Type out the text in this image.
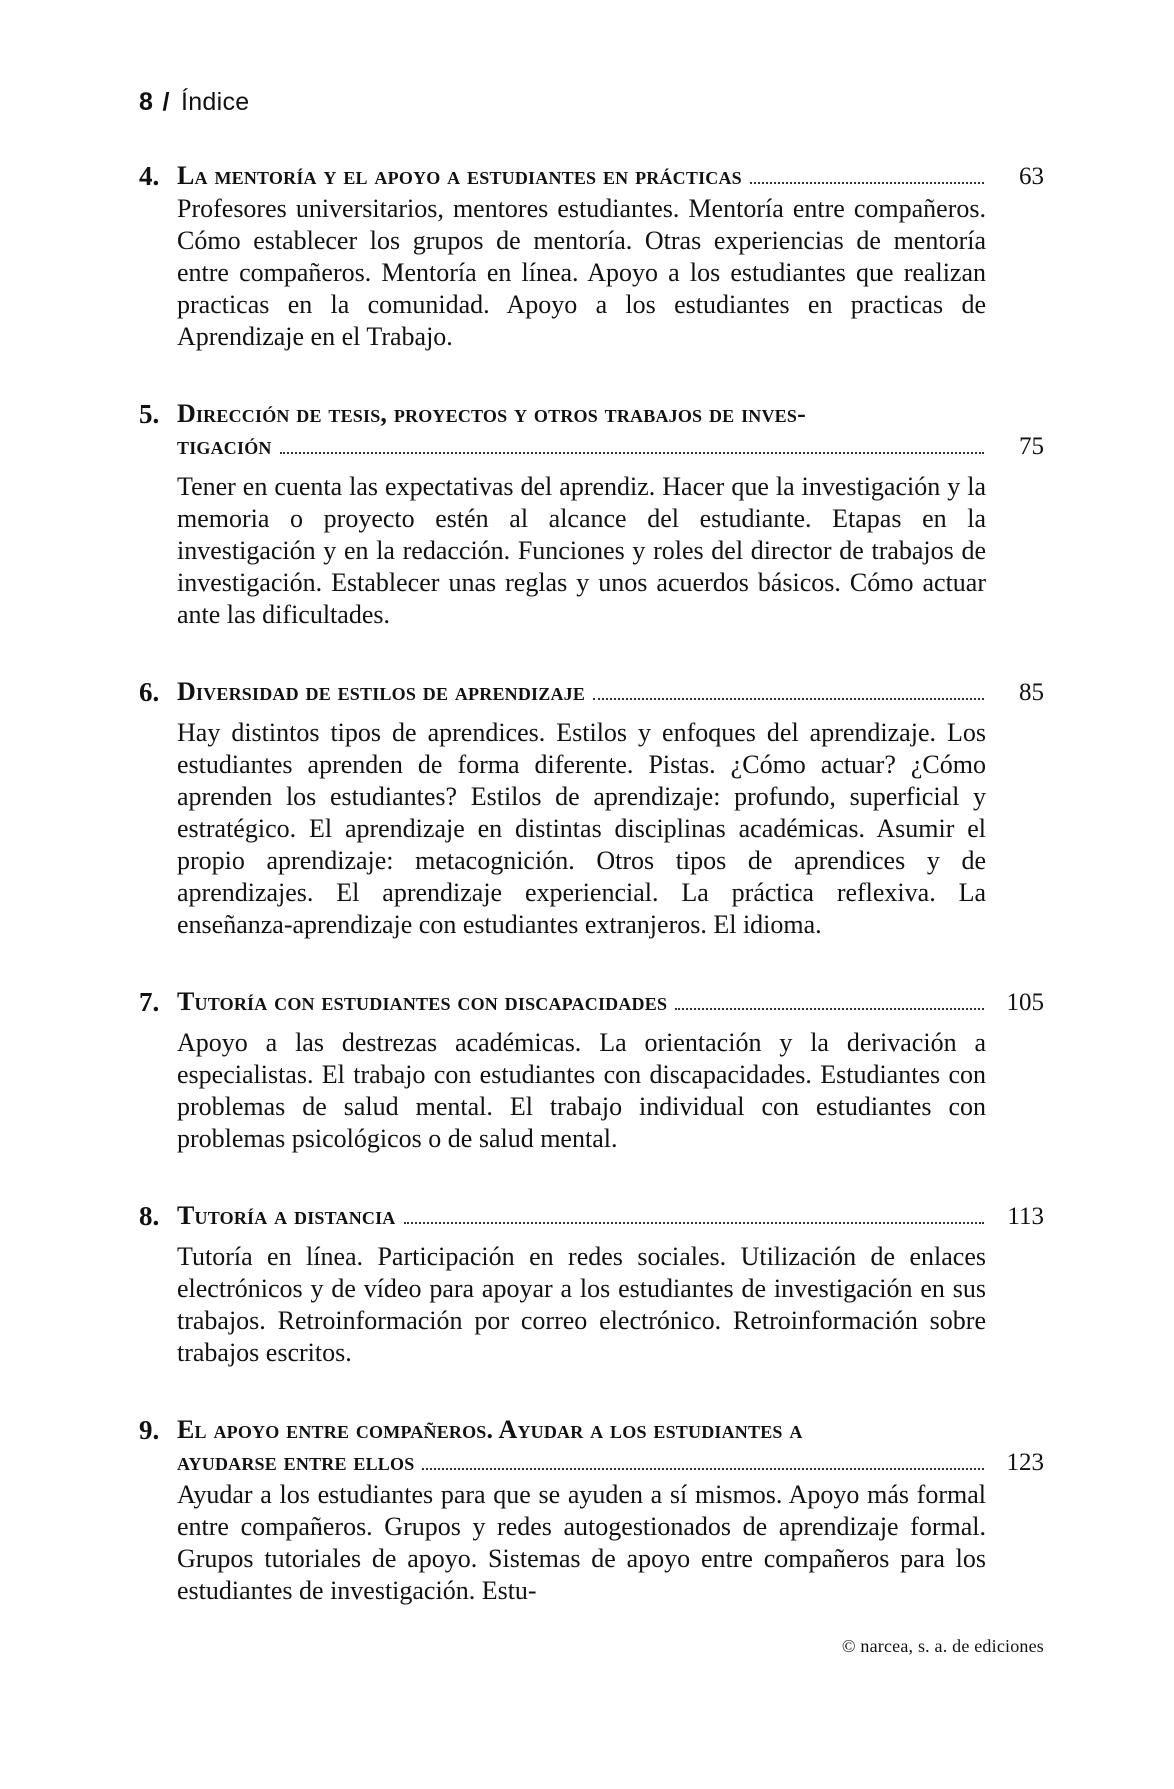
8 / Índice
4. La mentoría y el apoyo a estudiantes en prácticas	63
Profesores universitarios, mentores estudiantes. Mentoría entre compañeros. Cómo establecer los grupos de mentoría. Otras experiencias de mentoría entre compañeros. Mentoría en línea. Apoyo a los estudiantes que realizan practicas en la comunidad. Apoyo a los estudiantes en practicas de Aprendizaje en el Trabajo.
5. Dirección de tesis, proyectos y otros trabajos de inves-
tigación	75
Tener en cuenta las expectativas del aprendiz. Hacer que la investigación y la memoria o proyecto estén al alcance del estudiante. Etapas en la investigación y en la redacción. Funciones y roles del director de trabajos de investigación. Establecer unas reglas y unos acuerdos básicos. Cómo actuar ante las dificultades.
6. Diversidad de estilos de aprendizaje	85
Hay distintos tipos de aprendices. Estilos y enfoques del aprendizaje. Los estudiantes aprenden de forma diferente. Pistas. ¿Cómo actuar? ¿Cómo aprenden los estudiantes? Estilos de aprendizaje: profundo, superficial y estratégico. El aprendizaje en distintas disciplinas académicas. Asumir el propio aprendizaje: metacognición. Otros tipos de aprendices y de aprendizajes. El aprendizaje experiencial. La práctica reflexiva. La enseñanza-aprendizaje con estudiantes extranjeros. El idioma.
7. Tutoría con estudiantes con discapacidades	105
Apoyo a las destrezas académicas. La orientación y la derivación a especialistas. El trabajo con estudiantes con discapacidades. Estudiantes con problemas de salud mental. El trabajo individual con estudiantes con problemas psicológicos o de salud mental.
8. Tutoría a distancia	113
Tutoría en línea. Participación en redes sociales. Utilización de enlaces electrónicos y de vídeo para apoyar a los estudiantes de investigación en sus trabajos. Retroinformación por correo electrónico. Retroinformación sobre trabajos escritos.
9. El apoyo entre compañeros. Ayudar a los estudiantes a
ayudarse entre ellos	123
Ayudar a los estudiantes para que se ayuden a sí mismos. Apoyo más formal entre compañeros. Grupos y redes autogestionados de aprendizaje formal. Grupos tutoriales de apoyo. Sistemas de apoyo entre compañeros para los estudiantes de investigación. Estu-
© narcea, s. a. de ediciones
